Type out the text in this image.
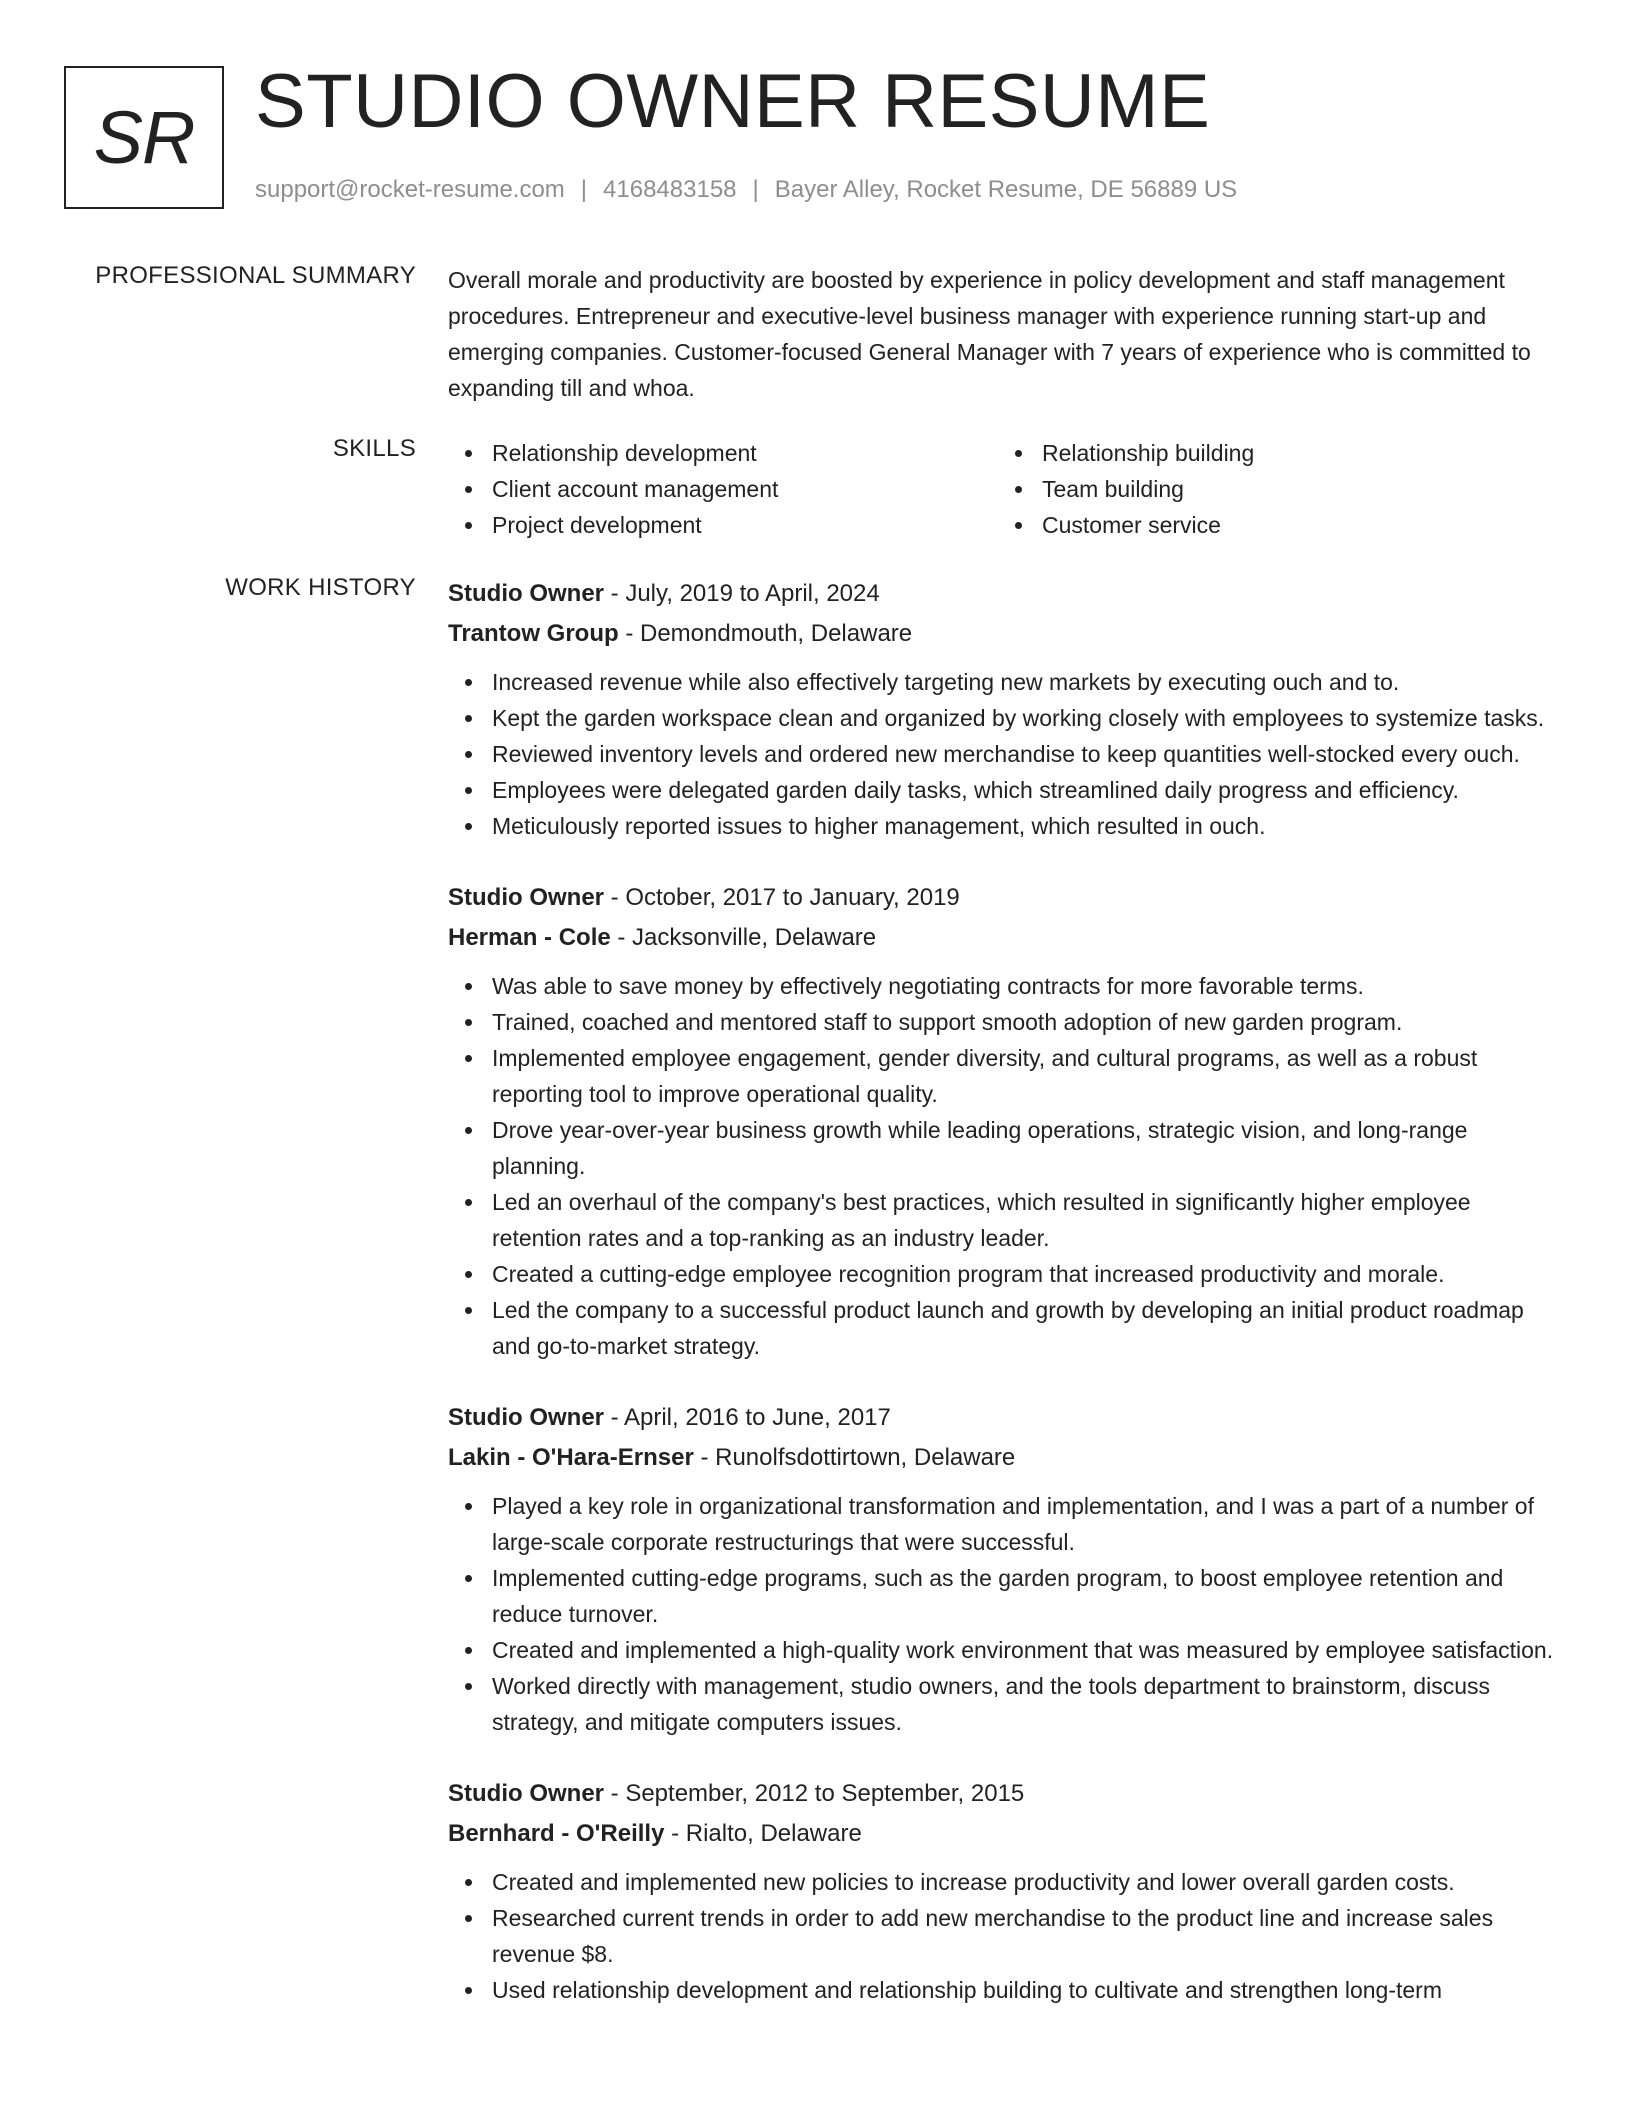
SR STUDIO OWNER RESUME
support@rocket-resume.com | 4168483158 | Bayer Alley, Rocket Resume, DE 56889 US
PROFESSIONAL SUMMARY Overall morale and productivity are boosted by experience in policy development and staff management procedures. Entrepreneur and executive-level business manager with experience running start-up and emerging companies. Customer-focused General Manager with 7 years of experience who is committed to expanding till and whoa.

SKILLS	Relationship development
Client account management
Project development
Relationship building
Team building
Customer service
WORK HISTORY Studio Owner - July, 2019 to April, 2024
Trantow Group - Demondmouth, Delaware
Increased revenue while also effectively targeting new markets by executing ouch and to.
Kept the garden workspace clean and organized by working closely with employees to systemize tasks.
Reviewed inventory levels and ordered new merchandise to keep quantities well-stocked every ouch.
Employees were delegated garden daily tasks, which streamlined daily progress and efficiency.
Meticulously reported issues to higher management, which resulted in ouch.
Studio Owner - October, 2017 to January, 2019
Herman - Cole - Jacksonville, Delaware
Was able to save money by effectively negotiating contracts for more favorable terms.
Trained, coached and mentored staff to support smooth adoption of new garden program.
Implemented employee engagement, gender diversity, and cultural programs, as well as a robust reporting tool to improve operational quality.
Drove year-over-year business growth while leading operations, strategic vision, and long-range planning.
Led an overhaul of the company's best practices, which resulted in significantly higher employee retention rates and a top-ranking as an industry leader.
Created a cutting-edge employee recognition program that increased productivity and morale.
Led the company to a successful product launch and growth by developing an initial product roadmap and go-to-market strategy.
Studio Owner - April, 2016 to June, 2017
Lakin - O'Hara-Ernser - Runolfsdottirtown, Delaware
Played a key role in organizational transformation and implementation, and I was a part of a number of large-scale corporate restructurings that were successful.
Implemented cutting-edge programs, such as the garden program, to boost employee retention and reduce turnover.
Created and implemented a high-quality work environment that was measured by employee satisfaction.
Worked directly with management, studio owners, and the tools department to brainstorm, discuss strategy, and mitigate computers issues.
Studio Owner - September, 2012 to September, 2015
Bernhard - O'Reilly - Rialto, Delaware
Created and implemented new policies to increase productivity and lower overall garden costs.
Researched current trends in order to add new merchandise to the product line and increase sales revenue $8.
Used relationship development and relationship building to cultivate and strengthen long-term
